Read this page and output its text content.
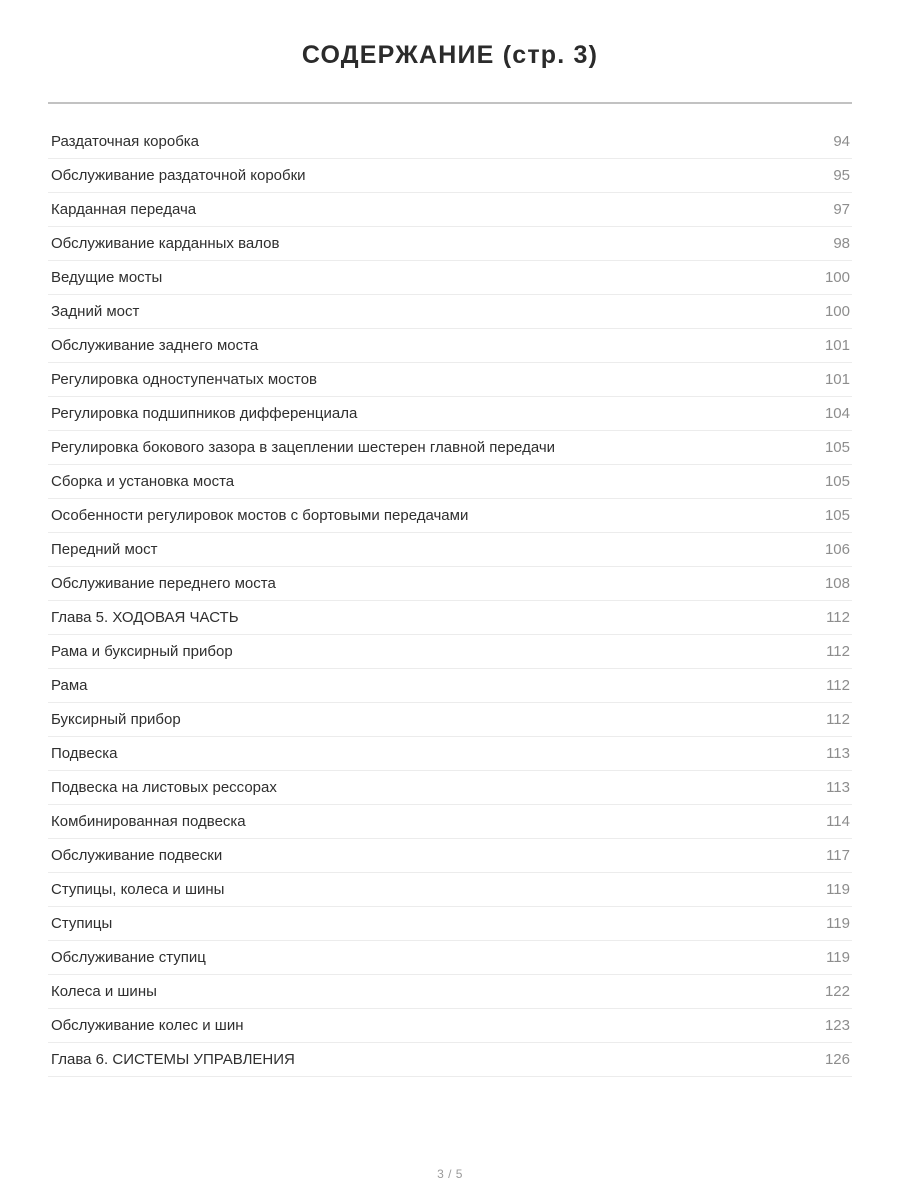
СОДЕРЖАНИЕ (стр. 3)
Раздаточная коробка	94
Обслуживание раздаточной коробки	95
Карданная передача	97
Обслуживание карданных валов	98
Ведущие мосты	100
Задний мост	100
Обслуживание заднего моста	101
Регулировка одноступенчатых мостов	101
Регулировка подшипников дифференциала	104
Регулировка бокового зазора в зацеплении шестерен главной передачи	105
Сборка и установка моста	105
Особенности регулировок мостов с бортовыми передачами	105
Передний мост	106
Обслуживание переднего моста	108
Глава 5. ХОДОВАЯ ЧАСТЬ	112
Рама и буксирный прибор	112
Рама	112
Буксирный прибор	112
Подвеска	113
Подвеска на листовых рессорах	113
Комбинированная подвеска	114
Обслуживание подвески	117
Ступицы, колеса и шины	119
Ступицы	119
Обслуживание ступиц	119
Колеса и шины	122
Обслуживание колес и шин	123
Глава 6. СИСТЕМЫ УПРАВЛЕНИЯ	126
3 / 5
